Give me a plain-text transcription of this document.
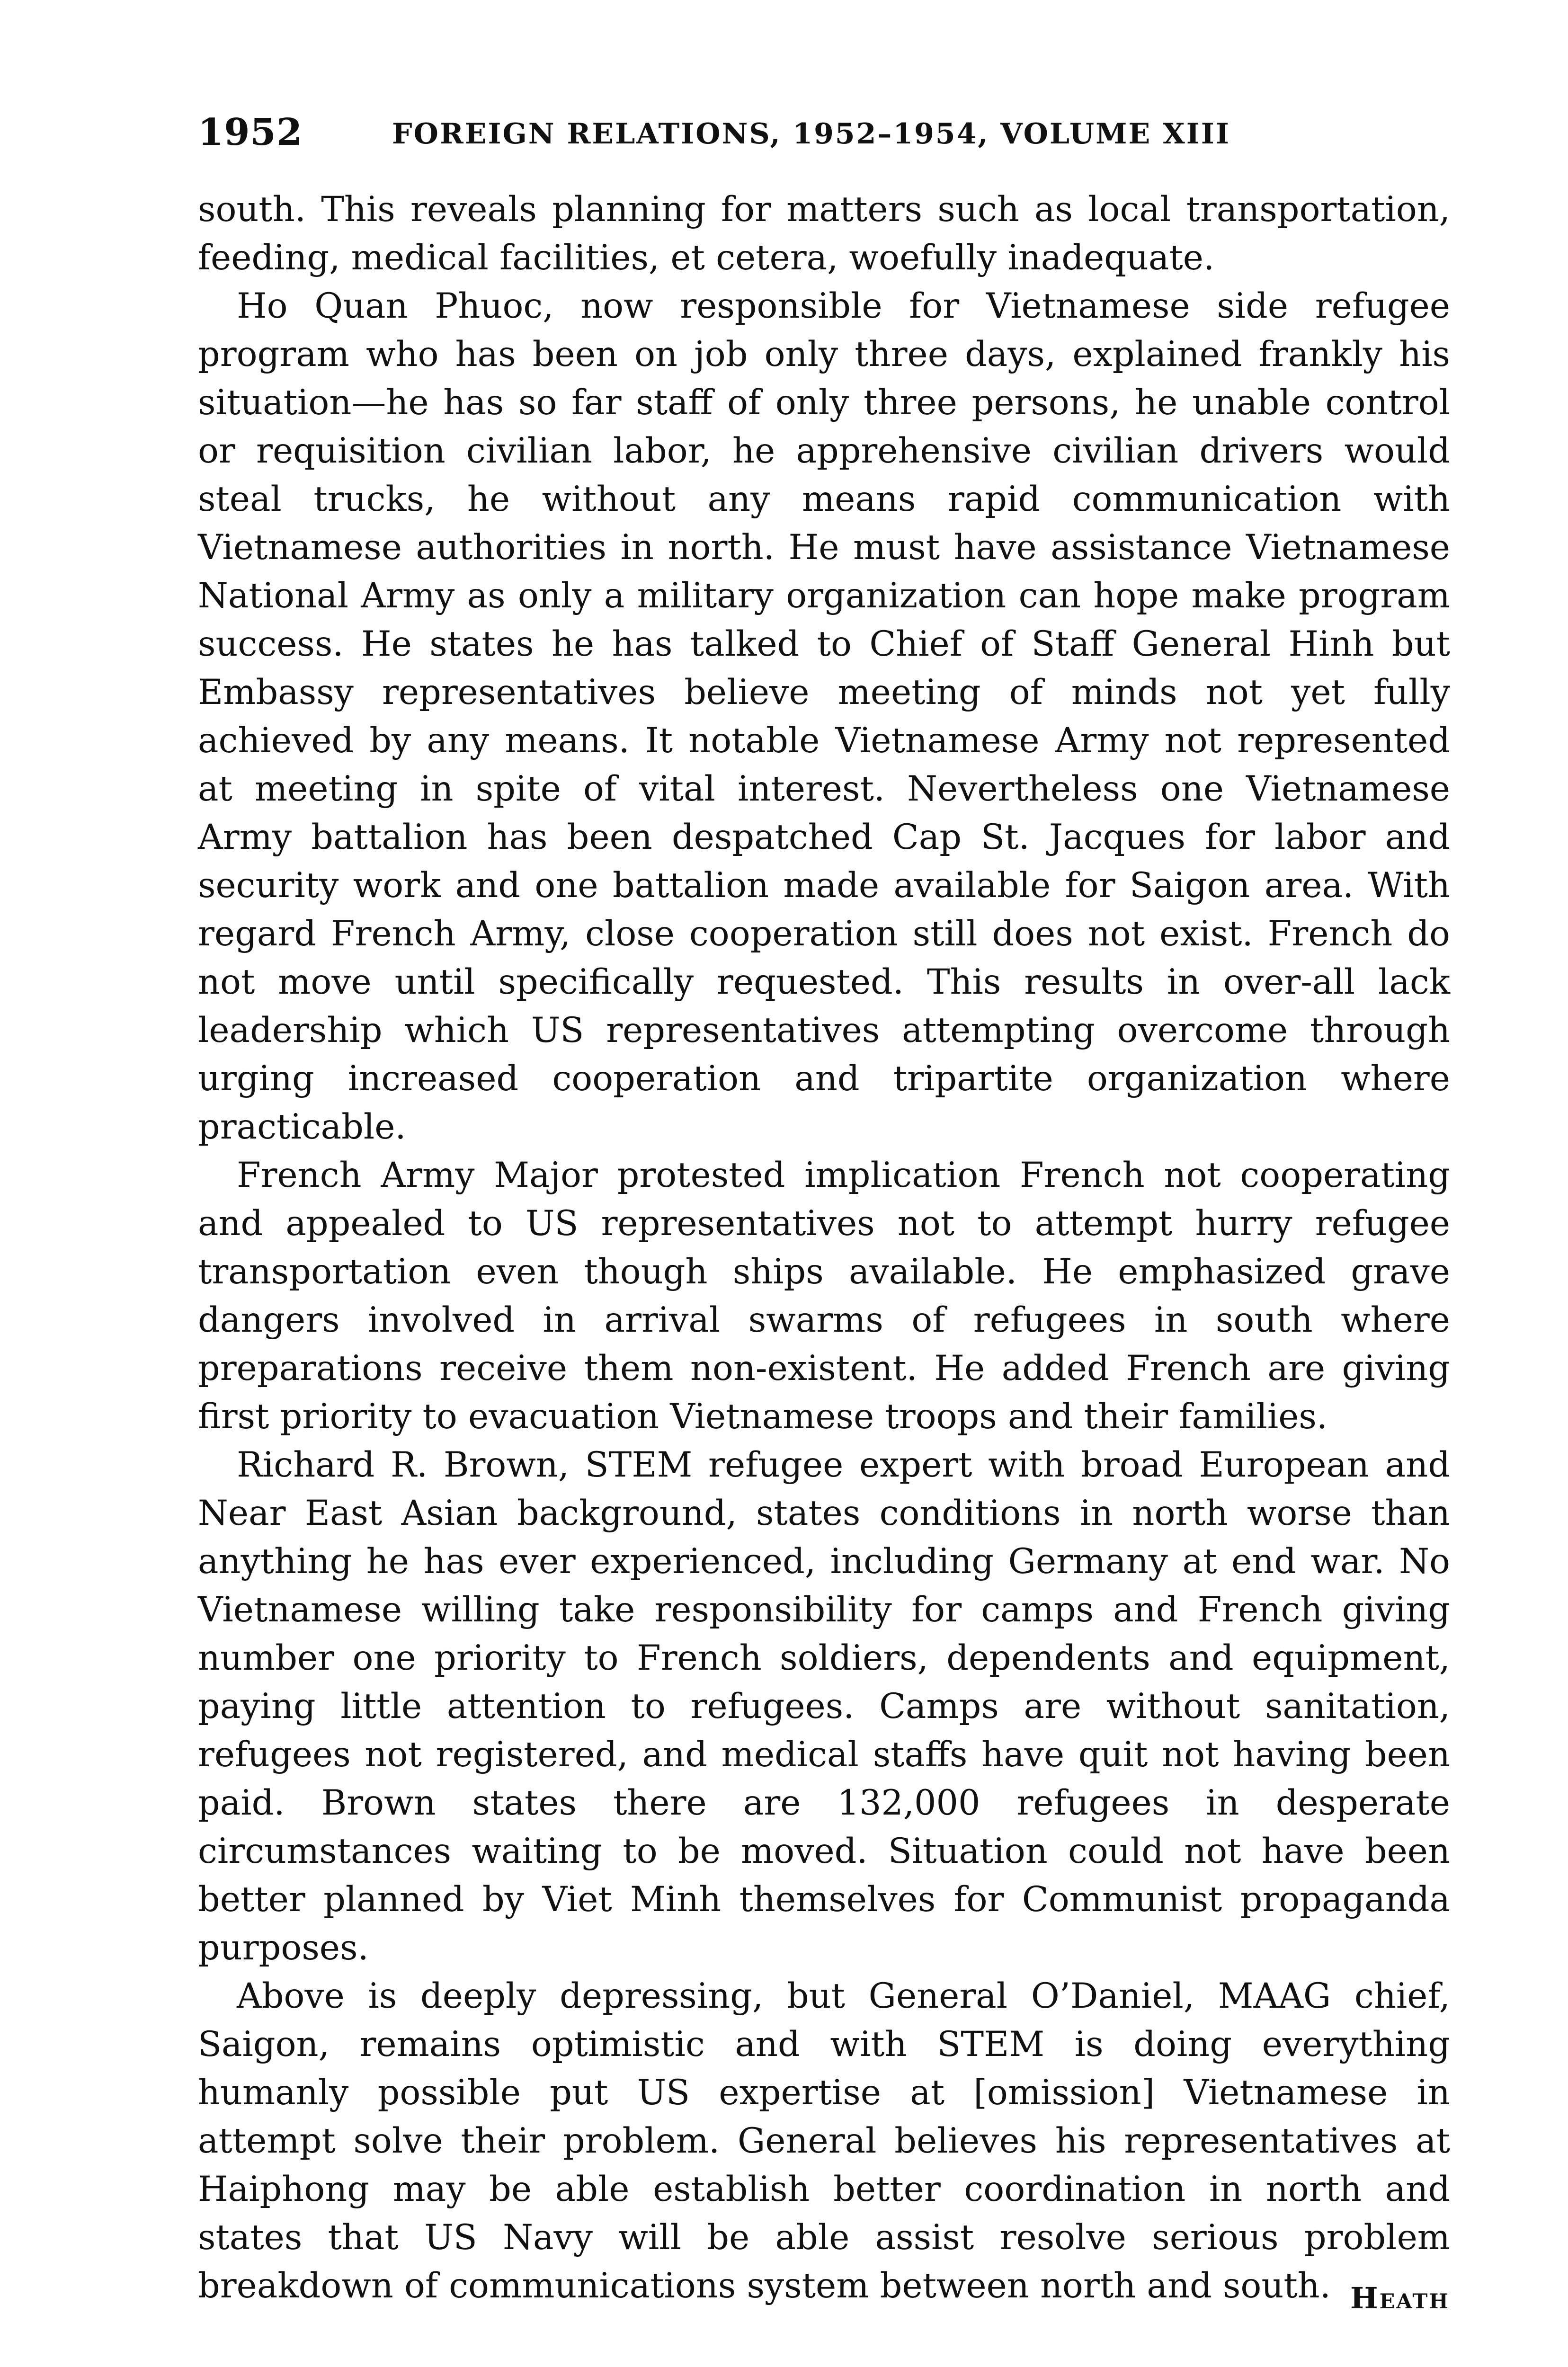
1952	FOREIGN RELATIONS, 1952–1954, VOLUME XIII

south. This reveals planning for matters such as local transportation, feeding, medical facilities, et cetera, woefully inadequate.

Ho Quan Phuoc, now responsible for Vietnamese side refugee program who has been on job only three days, explained frankly his situation—he has so far staff of only three persons, he unable control or requisition civilian labor, he apprehensive civilian drivers would steal trucks, he without any means rapid communication with Vietnamese authorities in north. He must have assistance Vietnamese National Army as only a military organization can hope make program success. He states he has talked to Chief of Staff General Hinh but Embassy representatives believe meeting of minds not yet fully achieved by any means. It notable Vietnamese Army not represented at meeting in spite of vital interest. Nevertheless one Vietnamese Army battalion has been despatched Cap St. Jacques for labor and security work and one battalion made available for Saigon area. With regard French Army, close cooperation still does not exist. French do not move until specifically requested. This results in over-all lack leadership which US representatives attempting overcome through urging increased cooperation and tripartite organization where practicable.

French Army Major protested implication French not cooperating and appealed to US representatives not to attempt hurry refugee transportation even though ships available. He emphasized grave dangers involved in arrival swarms of refugees in south where preparations receive them non-existent. He added French are giving first priority to evacuation Vietnamese troops and their families.

Richard R. Brown, STEM refugee expert with broad European and Near East Asian background, states conditions in north worse than anything he has ever experienced, including Germany at end war. No Vietnamese willing take responsibility for camps and French giving number one priority to French soldiers, dependents and equipment, paying little attention to refugees. Camps are without sanitation, refugees not registered, and medical staffs have quit not having been paid. Brown states there are 132,000 refugees in desperate circumstances waiting to be moved. Situation could not have been better planned by Viet Minh themselves for Communist propaganda purposes.

Above is deeply depressing, but General O’Daniel, MAAG chief, Saigon, remains optimistic and with STEM is doing everything humanly possible put US expertise at [omission] Vietnamese in attempt solve their problem. General believes his representatives at Haiphong may be able establish better coordination in north and states that US Navy will be able assist resolve serious problem breakdown of communications system between north and south. Heath
